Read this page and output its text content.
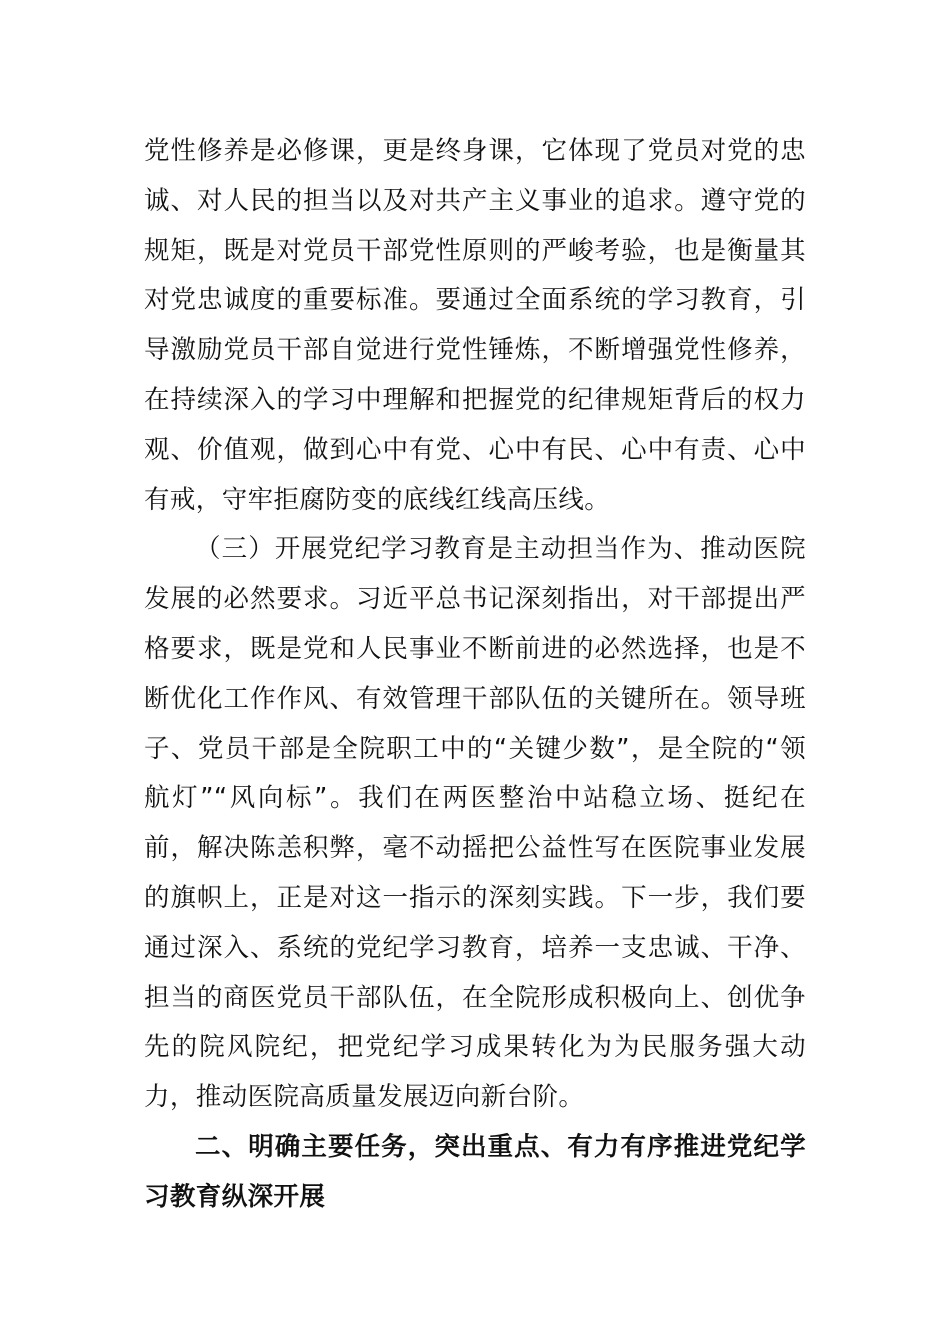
党性修养是必修课，更是终身课，它体现了党员对党的忠诚、对人民的担当以及对共产主义事业的追求。遵守党的规矩，既是对党员干部党性原则的严峻考验，也是衡量其对党忠诚度的重要标准。要通过全面系统的学习教育，引导激励党员干部自觉进行党性锤炼，不断增强党性修养，在持续深入的学习中理解和把握党的纪律规矩背后的权力观、价值观，做到心中有党、心中有民、心中有责、心中有戒，守牢拒腐防变的底线红线高压线。

（三）开展党纪学习教育是主动担当作为、推动医院发展的必然要求。习近平总书记深刻指出，对干部提出严格要求，既是党和人民事业不断前进的必然选择，也是不断优化工作作风、有效管理干部队伍的关键所在。领导班子、党员干部是全院职工中的“关键少数”，是全院的“领航灯”“风向标”。我们在两医整治中站稳立场、挺纪在前，解决陈恙积弊，毫不动摇把公益性写在医院事业发展的旗帜上，正是对这一指示的深刻实践。下一步，我们要通过深入、系统的党纪学习教育，培养一支忠诚、干净、担当的商医党员干部队伍，在全院形成积极向上、创优争先的院风院纪，把党纪学习成果转化为为民服务强大动力，推动医院高质量发展迈向新台阶。

二、明确主要任务，突出重点、有力有序推进党纪学习教育纵深开展
